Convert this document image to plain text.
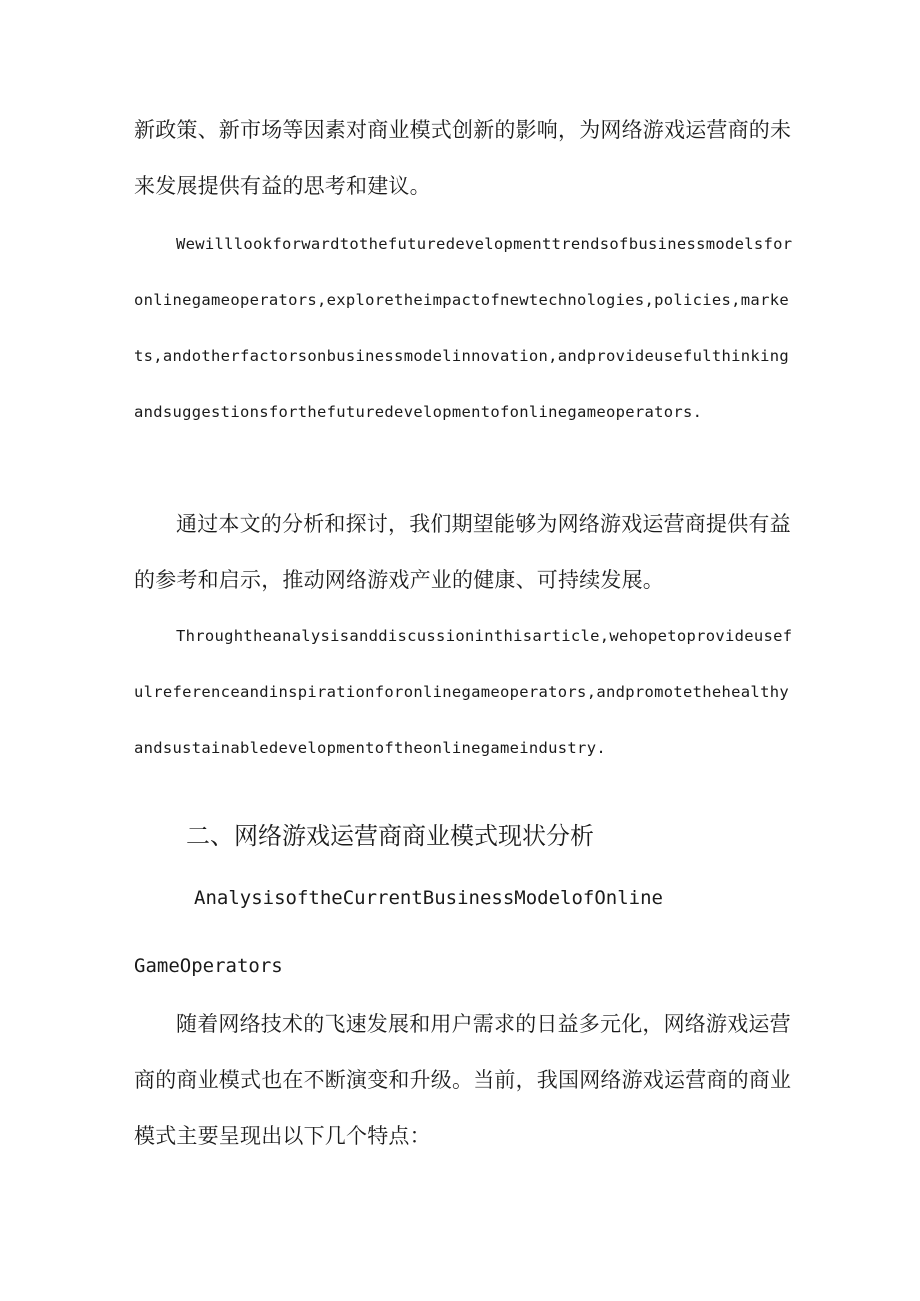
新政策、新市场等因素对商业模式创新的影响，为网络游戏运营商的未来发展提供有益的思考和建议。

Wewilllookforwardtothefuturedevelopmenttrendsofbusinessmodelsforonlinegameoperators,exploretheimpactofnewtechnologies,policies,markets,andotherfactorsonbusinessmodelinnovation,andprovideusefulthinkingandsuggestionsforthefuturedevelopmentofonlinegameoperators.

通过本文的分析和探讨，我们期望能够为网络游戏运营商提供有益的参考和启示，推动网络游戏产业的健康、可持续发展。

Throughtheanalysisanddiscussioninthisarticle,wehopetoprovideusefulreferenceandinspirationforonlinegameoperators,andpromotethehealthyandsustainabledevelopmentoftheonlinegameindustry.

二、网络游戏运营商商业模式现状分析
AnalysisoftheCurrentBusinessModelofOnline GameOperators

随着网络技术的飞速发展和用户需求的日益多元化，网络游戏运营商的商业模式也在不断演变和升级。当前，我国网络游戏运营商的商业模式主要呈现出以下几个特点：
